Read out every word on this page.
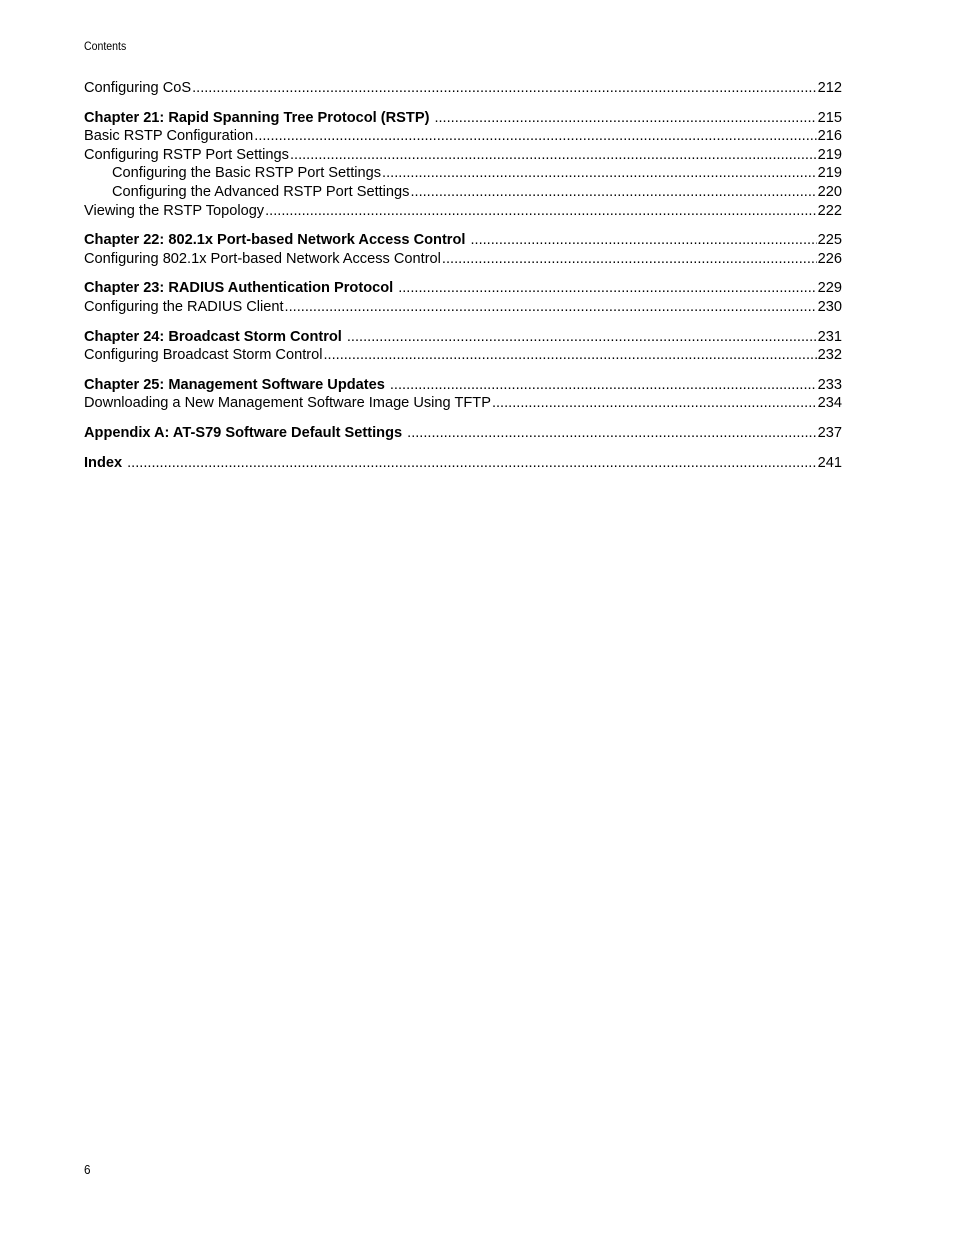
Contents
Configuring CoS .....	212
Chapter 21: Rapid Spanning Tree Protocol (RSTP) .....	215
Basic RSTP Configuration .....	216
Configuring RSTP Port Settings .....	219
Configuring the Basic RSTP Port Settings .....	219
Configuring the Advanced RSTP Port Settings .....	220
Viewing the RSTP Topology .....	222
Chapter 22: 802.1x Port-based Network Access Control .....	225
Configuring 802.1x Port-based Network Access Control .....	226
Chapter 23: RADIUS Authentication Protocol .....	229
Configuring the RADIUS Client .....	230
Chapter 24: Broadcast Storm Control .....	231
Configuring Broadcast Storm Control .....	232
Chapter 25: Management Software Updates .....	233
Downloading a New Management Software Image Using TFTP .....	234
Appendix A: AT-S79 Software Default Settings .....	237
Index .....	241
6
